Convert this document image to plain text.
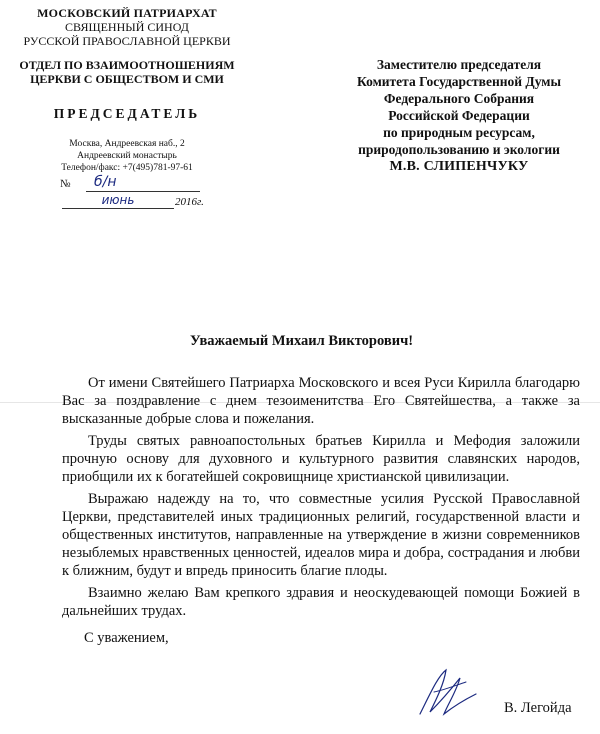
МОСКОВСКИЙ ПАТРИАРХАТ
СВЯЩЕННЫЙ СИНОД
РУССКОЙ ПРАВОСЛАВНОЙ ЦЕРКВИ
ОТДЕЛ ПО ВЗАИМООТНОШЕНИЯМ
ЦЕРКВИ С ОБЩЕСТВОМ И СМИ
ПРЕДСЕДАТЕЛЬ
Москва, Андреевская наб., 2
Андреевский монастырь
Телефон/факс: +7(495)781-97-61
№	б/н
июнь	2016г.
Заместителю председателя
Комитета Государственной Думы
Федерального Собрания
Российской Федерации
по природным ресурсам,
природопользованию и экологии
М.В. СЛИПЕНЧУКУ
Уважаемый Михаил Викторович!

От имени Святейшего Патриарха Московского и всея Руси Кирилла благодарю Вас за поздравление с днем тезоименитства Его Святейшества, а также за высказанные добрые слова и пожелания.

Труды святых равноапостольных братьев Кирилла и Мефодия заложили прочную основу для духовного и культурного развития славянских народов, приобщили их к богатейшей сокровищнице христианской цивилизации.

Выражаю надежду на то, что совместные усилия Русской Православной Церкви, представителей иных традиционных религий, государственной власти и общественных институтов, направленные на утверждение в жизни современников незыблемых нравственных ценностей, идеалов мира и добра, сострадания и любви к ближним, будут и впредь приносить благие плоды.

Взаимно желаю Вам крепкого здравия и неоскудевающей помощи Божией в дальнейших трудах.

С уважением,
В. Легойда
